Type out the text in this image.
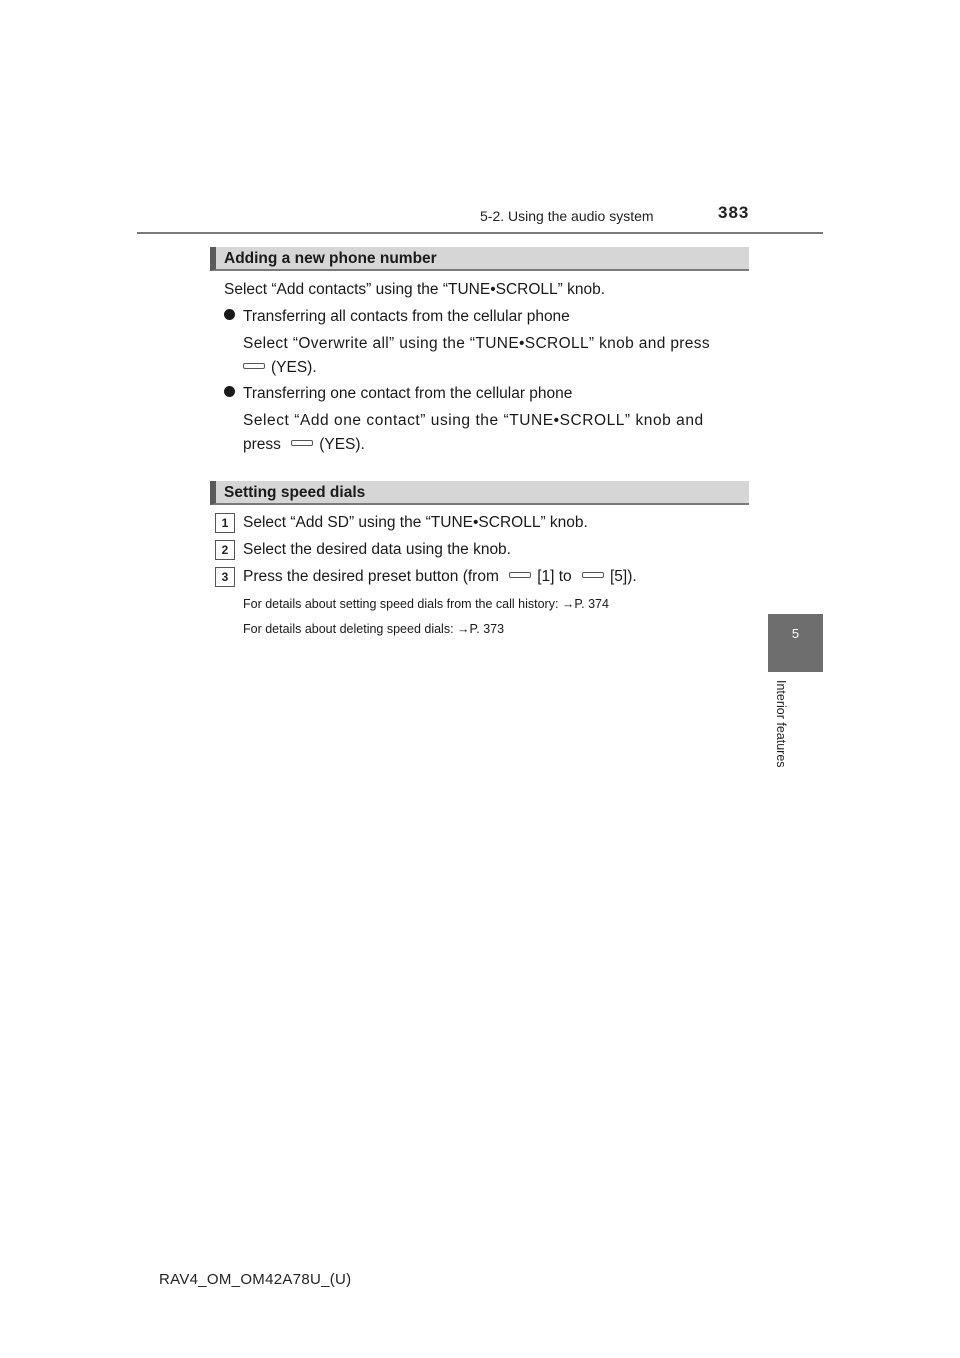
5-2. Using the audio system	383
5
Interior features
Adding a new phone number
Select “Add contacts” using the “TUNE•SCROLL” knob.
Transferring all contacts from the cellular phone
Select “Overwrite all” using the “TUNE•SCROLL” knob and press
(YES).
Transferring one contact from the cellular phone
Select “Add one contact” using the “TUNE•SCROLL” knob and
press (YES).
Setting speed dials
1 Select “Add SD” using the “TUNE•SCROLL” knob.
2 Select the desired data using the knob.
3 Press the desired preset button (from [1] to [5]).
For details about setting speed dials from the call history: →P. 374
For details about deleting speed dials: →P. 373
RAV4_OM_OM42A78U_(U)
